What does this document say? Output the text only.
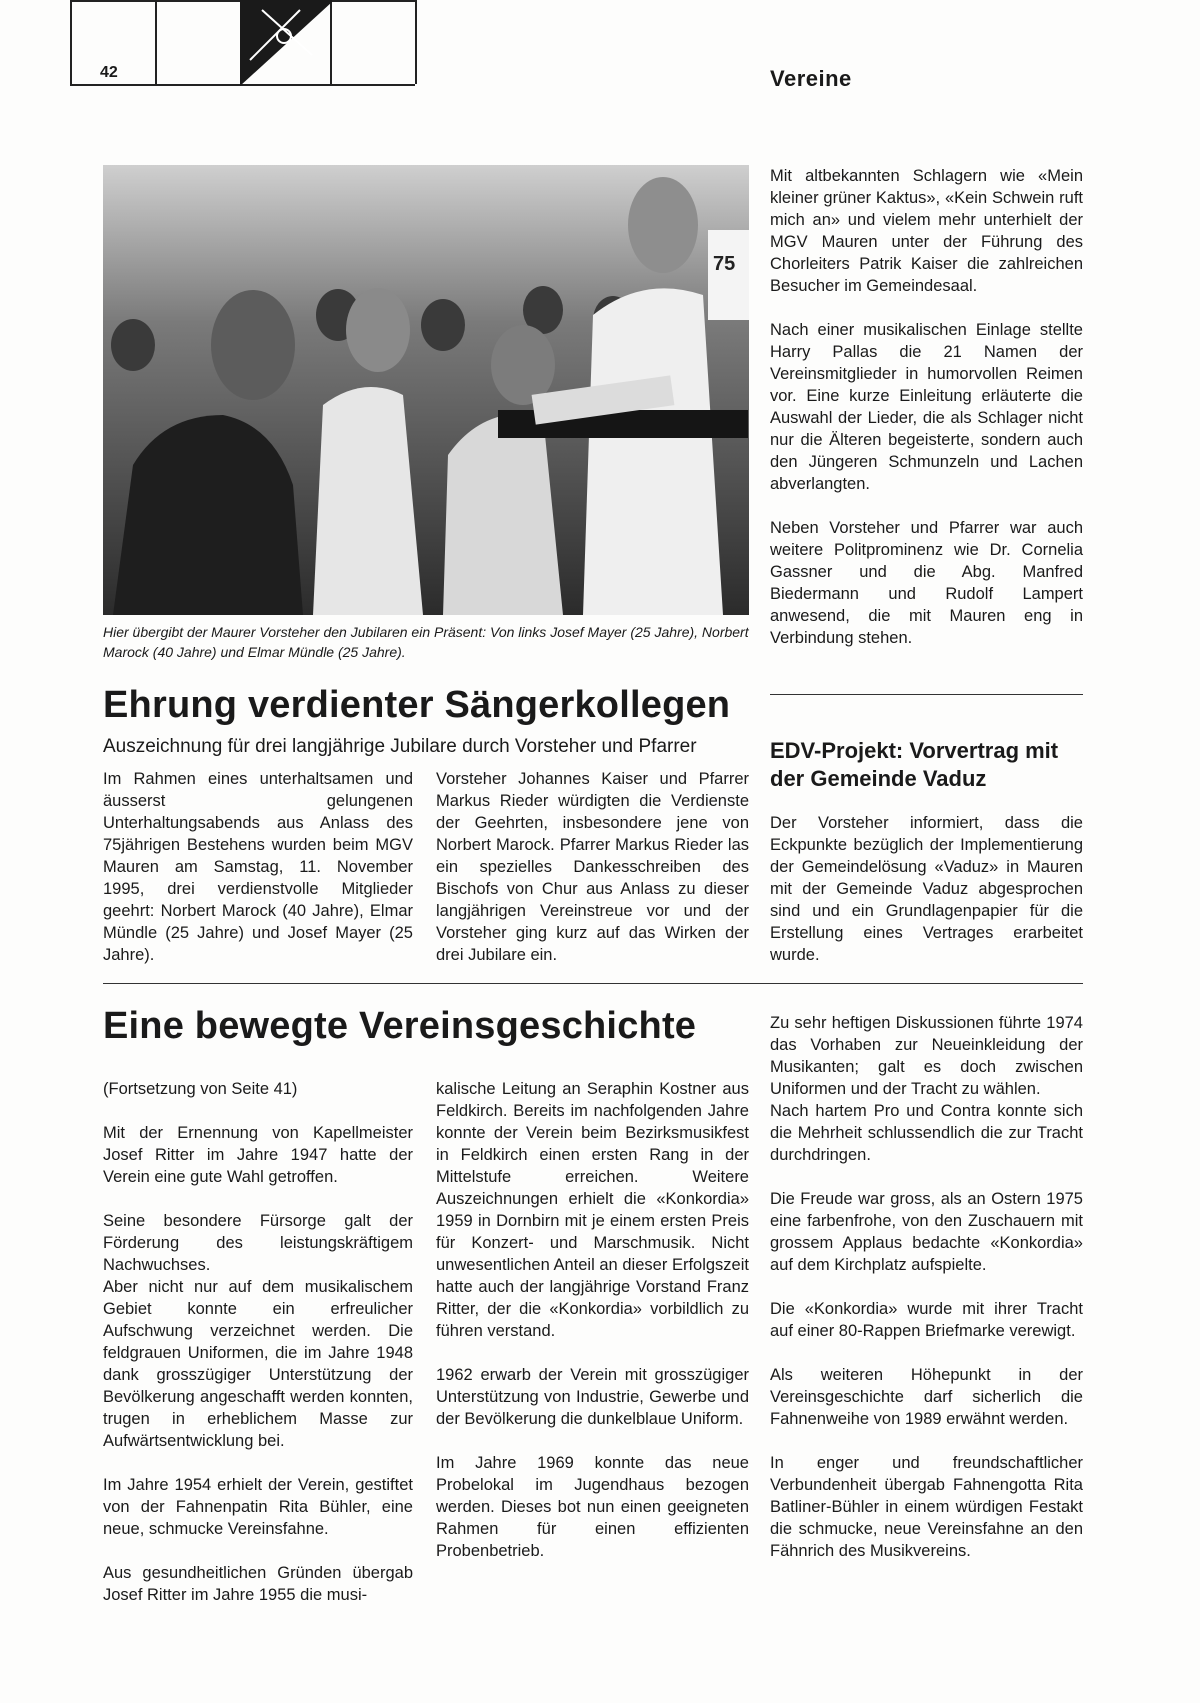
42	Vereine
75
Hier übergibt der Maurer Vorsteher den Jubilaren ein Präsent: Von links Josef Mayer (25 Jahre), Norbert Marock (40 Jahre) und Elmar Mündle (25 Jahre).

Mit altbekannten Schlagern wie «Mein kleiner grüner Kaktus», «Kein Schwein ruft mich an» und vielem mehr unterhielt der MGV Mauren unter der Führung des Chorleiters Patrik Kaiser die zahlreichen Besucher im Gemeindesaal.

Nach einer musikalischen Einlage stellte Harry Pallas die 21 Namen der Vereinsmitglieder in humorvollen Reimen vor. Eine kurze Einleitung erläuterte die Auswahl der Lieder, die als Schlager nicht nur die Älteren begeisterte, sondern auch den Jüngeren Schmunzeln und Lachen abverlangten.

Neben Vorsteher und Pfarrer war auch weitere Politprominenz wie Dr. Cornelia Gassner und die Abg. Manfred Biedermann und Rudolf Lampert anwesend, die mit Mauren eng in Verbindung stehen.

Ehrung verdienter Sängerkollegen
Auszeichnung für drei langjährige Jubilare durch Vorsteher und Pfarrer

Im Rahmen eines unterhaltsamen und äusserst gelungenen Unterhaltungsabends aus Anlass des 75jährigen Bestehens wurden beim MGV Mauren am Samstag, 11. November 1995, drei verdienstvolle Mitglieder geehrt: Norbert Marock (40 Jahre), Elmar Mündle (25 Jahre) und Josef Mayer (25 Jahre).

Vorsteher Johannes Kaiser und Pfarrer Markus Rieder würdigten die Verdienste der Geehrten, insbesondere jene von Norbert Marock. Pfarrer Markus Rieder las ein spezielles Dankesschreiben des Bischofs von Chur aus Anlass zu dieser langjährigen Vereinstreue vor und der Vorsteher ging kurz auf das Wirken der drei Jubilare ein.

EDV-Projekt: Vorvertrag mit der Gemeinde Vaduz

Der Vorsteher informiert, dass die Eckpunkte bezüglich der Implementierung der Gemeindelösung «Vaduz» in Mauren mit der Gemeinde Vaduz abgesprochen sind und ein Grundlagenpapier für die Erstellung eines Vertrages erarbeitet wurde.

Eine bewegte Vereinsgeschichte

(Fortsetzung von Seite 41)

Mit der Ernennung von Kapellmeister Josef Ritter im Jahre 1947 hatte der Verein eine gute Wahl getroffen.

Seine besondere Fürsorge galt der Förderung des leistungskräftigem Nachwuchses.

Aber nicht nur auf dem musikalischem Gebiet konnte ein erfreulicher Aufschwung verzeichnet werden. Die feldgrauen Uniformen, die im Jahre 1948 dank grosszügiger Unterstützung der Bevölkerung angeschafft werden konnten, trugen in erheblichem Masse zur Aufwärtsentwicklung bei.

Im Jahre 1954 erhielt der Verein, gestiftet von der Fahnenpatin Rita Bühler, eine neue, schmucke Vereinsfahne.

Aus gesundheitlichen Gründen übergab Josef Ritter im Jahre 1955 die musi-

kalische Leitung an Seraphin Kostner aus Feldkirch. Bereits im nachfolgenden Jahre konnte der Verein beim Bezirksmusikfest in Feldkirch einen ersten Rang in der Mittelstufe erreichen. Weitere Auszeichnungen erhielt die «Konkordia» 1959 in Dornbirn mit je einem ersten Preis für Konzert- und Marschmusik. Nicht unwesentlichen Anteil an dieser Erfolgszeit hatte auch der langjährige Vorstand Franz Ritter, der die «Konkordia» vorbildlich zu führen verstand.

1962 erwarb der Verein mit grosszügiger Unterstützung von Industrie, Gewerbe und der Bevölkerung die dunkelblaue Uniform.

Im Jahre 1969 konnte das neue Probelokal im Jugendhaus bezogen werden. Dieses bot nun einen geeigneten Rahmen für einen effizienten Probenbetrieb.

Zu sehr heftigen Diskussionen führte 1974 das Vorhaben zur Neueinkleidung der Musikanten; galt es doch zwischen Uniformen und der Tracht zu wählen.

Nach hartem Pro und Contra konnte sich die Mehrheit schlussendlich die zur Tracht durchdringen.

Die Freude war gross, als an Ostern 1975 eine farbenfrohe, von den Zuschauern mit grossem Applaus bedachte «Konkordia» auf dem Kirchplatz aufspielte.

Die «Konkordia» wurde mit ihrer Tracht auf einer 80-Rappen Briefmarke verewigt.

Als weiteren Höhepunkt in der Vereinsgeschichte darf sicherlich die Fahnenweihe von 1989 erwähnt werden.

In enger und freundschaftlicher Verbundenheit übergab Fahnengotta Rita Batliner-Bühler in einem würdigen Festakt die schmucke, neue Vereinsfahne an den Fähnrich des Musikvereins.
